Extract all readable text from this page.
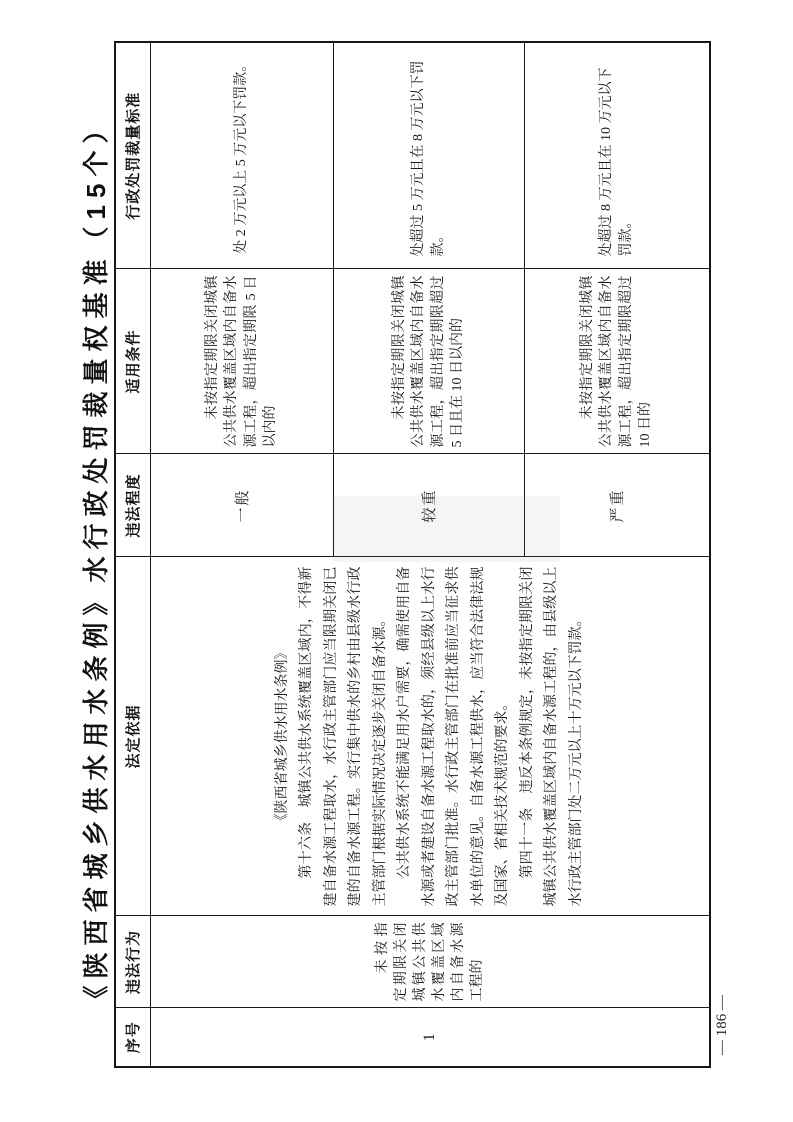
《陕西省城乡供水用水条例》水行政处罚裁量权基准（15个）
序号	违法行为	法定依据	违法程度	适用条件	行政处罚裁量标准
1	未按指定期限关闭城镇公共供水覆盖区域内自备水源工程的	《陕西省城乡供水用水条例》 第十六条　城镇公共供水系统覆盖区域内，不得新建自备水源工程取水，水行政主管部门应当限期关闭已建的自备水源工程。实行集中供水的乡村由县级水行政主管部门根据实际情况决定逐步关闭自备水源。 公共供水系统不能满足用水户需要，确需使用自备水源或者建设自备水源工程取水的，须经县级以上水行政主管部门批准。水行政主管部门在批准前应当征求供水单位的意见。自备水源工程供水，应当符合法律法规及国家、省相关技术规范的要求。 第四十一条　违反本条例规定，未按指定期限关闭城镇公共供水覆盖区域内自备水源工程的，由县级以上水行政主管部门处二万元以上十万元以下罚款。	一般	未按指定期限关闭城镇公共供水覆盖区域内自备水源工程，超出指定期限 5 日以内的	处 2 万元以上 5 万元以下罚款。

			较重	未按指定期限关闭城镇公共供水覆盖区域内自备水源工程，超出指定期限超过 5 日且在 10 日以内的	处超过 5 万元且在 8 万元以下罚款。

			严重	未按指定期限关闭城镇公共供水覆盖区域内自备水源工程，超出指定期限超过 10 日的	处超过 8 万元且在 10 万元以下罚款。

— 186 —
